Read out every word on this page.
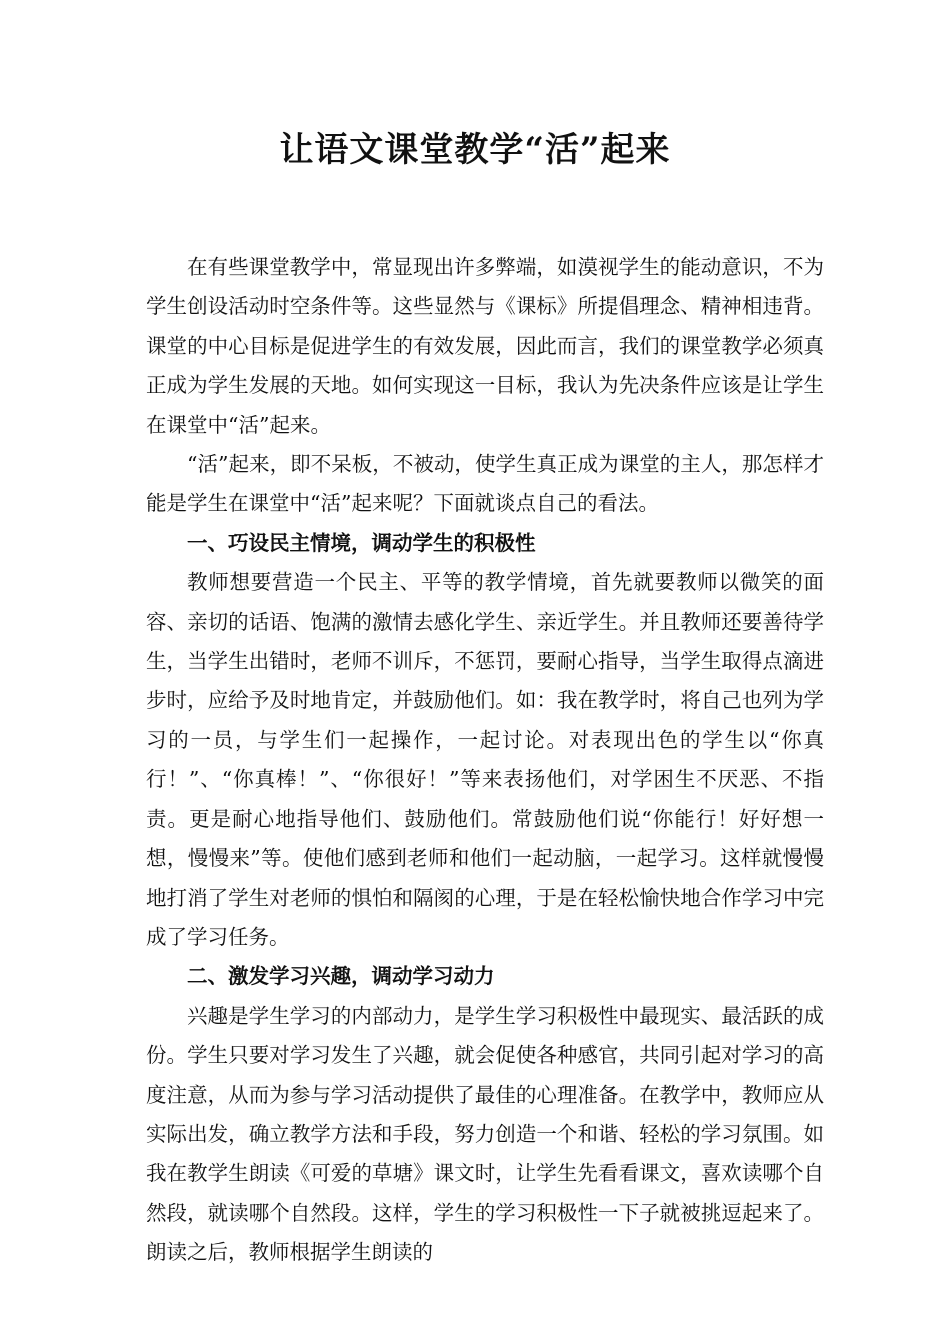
让语文课堂教学“活”起来

在有些课堂教学中，常显现出许多弊端，如漠视学生的能动意识，不为学生创设活动时空条件等。这些显然与《课标》所提倡理念、精神相违背。课堂的中心目标是促进学生的有效发展，因此而言，我们的课堂教学必须真正成为学生发展的天地。如何实现这一目标，我认为先决条件应该是让学生在课堂中“活”起来。

“活”起来，即不呆板，不被动，使学生真正成为课堂的主人，那怎样才能是学生在课堂中“活”起来呢？下面就谈点自己的看法。

一、巧设民主情境，调动学生的积极性

教师想要营造一个民主、平等的教学情境，首先就要教师以微笑的面容、亲切的话语、饱满的激情去感化学生、亲近学生。并且教师还要善待学生，当学生出错时，老师不训斥，不惩罚，要耐心指导，当学生取得点滴进步时，应给予及时地肯定，并鼓励他们。如：我在教学时，将自己也列为学习的一员，与学生们一起操作，一起讨论。对表现出色的学生以“你真行！”、“你真棒！”、“你很好！”等来表扬他们，对学困生不厌恶、不指责。更是耐心地指导他们、鼓励他们。常鼓励他们说“你能行！好好想一想，慢慢来”等。使他们感到老师和他们一起动脑，一起学习。这样就慢慢地打消了学生对老师的惧怕和隔阂的心理，于是在轻松愉快地合作学习中完成了学习任务。

二、激发学习兴趣，调动学习动力

兴趣是学生学习的内部动力，是学生学习积极性中最现实、最活跃的成份。学生只要对学习发生了兴趣，就会促使各种感官，共同引起对学习的高度注意，从而为参与学习活动提供了最佳的心理准备。在教学中，教师应从实际出发，确立教学方法和手段，努力创造一个和谐、轻松的学习氛围。如我在教学生朗读《可爱的草塘》课文时，让学生先看看课文，喜欢读哪个自然段，就读哪个自然段。这样，学生的学习积极性一下子就被挑逗起来了。朗读之后，教师根据学生朗读的
